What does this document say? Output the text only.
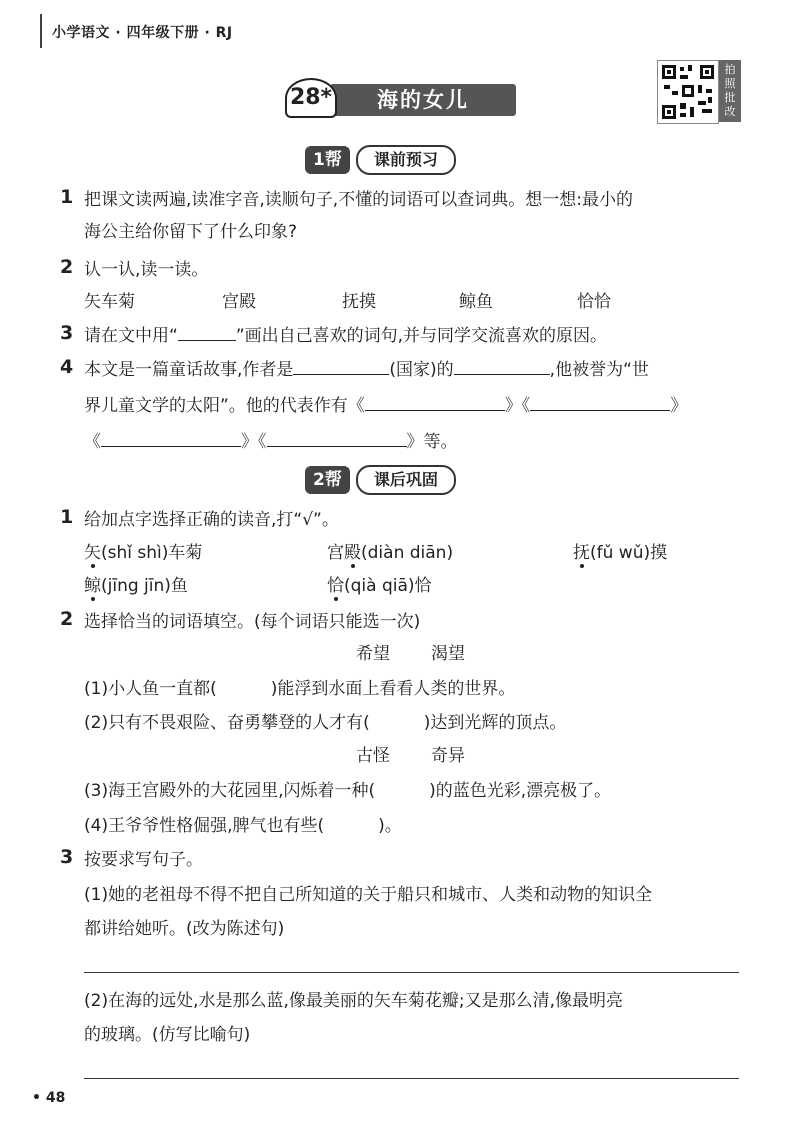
小学语文 · 四年级下册 · RJ
海的女儿
28*
拍
照
批
改
1帮	课前预习
1 把课文读两遍,读准字音,读顺句子,不懂的词语可以查词典。想一想:最小的
海公主给你留下了什么印象?
2 认一认,读一读。
矢车菊	宫殿	抚摸	鲸鱼	恰恰
3 请在文中用“	”画出自己喜欢的词句,并与同学交流喜欢的原因。
4 本文是一篇童话故事,作者是	(国家)的	,他被誉为“世
界儿童文学的太阳”。他的代表作有《	》《	》
《	》《	》等。
2帮	课后巩固
1 给加点字选择正确的读音,打“√”。
矢(shǐ shì)车菊	宫殿(diàn diān)	抚(fǔ wǔ)摸
鲸(jīng jīn)鱼	恰(qià qiā)恰
2 选择恰当的词语填空。(每个词语只能选一次)
希望 渴望
(1)小人鱼一直都(	)能浮到水面上看看人类的世界。
(2)只有不畏艰险、奋勇攀登的人才有(	)达到光辉的顶点。
古怪 奇异
(3)海王宫殿外的大花园里,闪烁着一种(	)的蓝色光彩,漂亮极了。
(4)王爷爷性格倔强,脾气也有些(	)。
3 按要求写句子。
(1)她的老祖母不得不把自己所知道的关于船只和城市、人类和动物的知识全
都讲给她听。(改为陈述句)
(2)在海的远处,水是那么蓝,像最美丽的矢车菊花瓣;又是那么清,像最明亮
的玻璃。(仿写比喻句)
• 48
